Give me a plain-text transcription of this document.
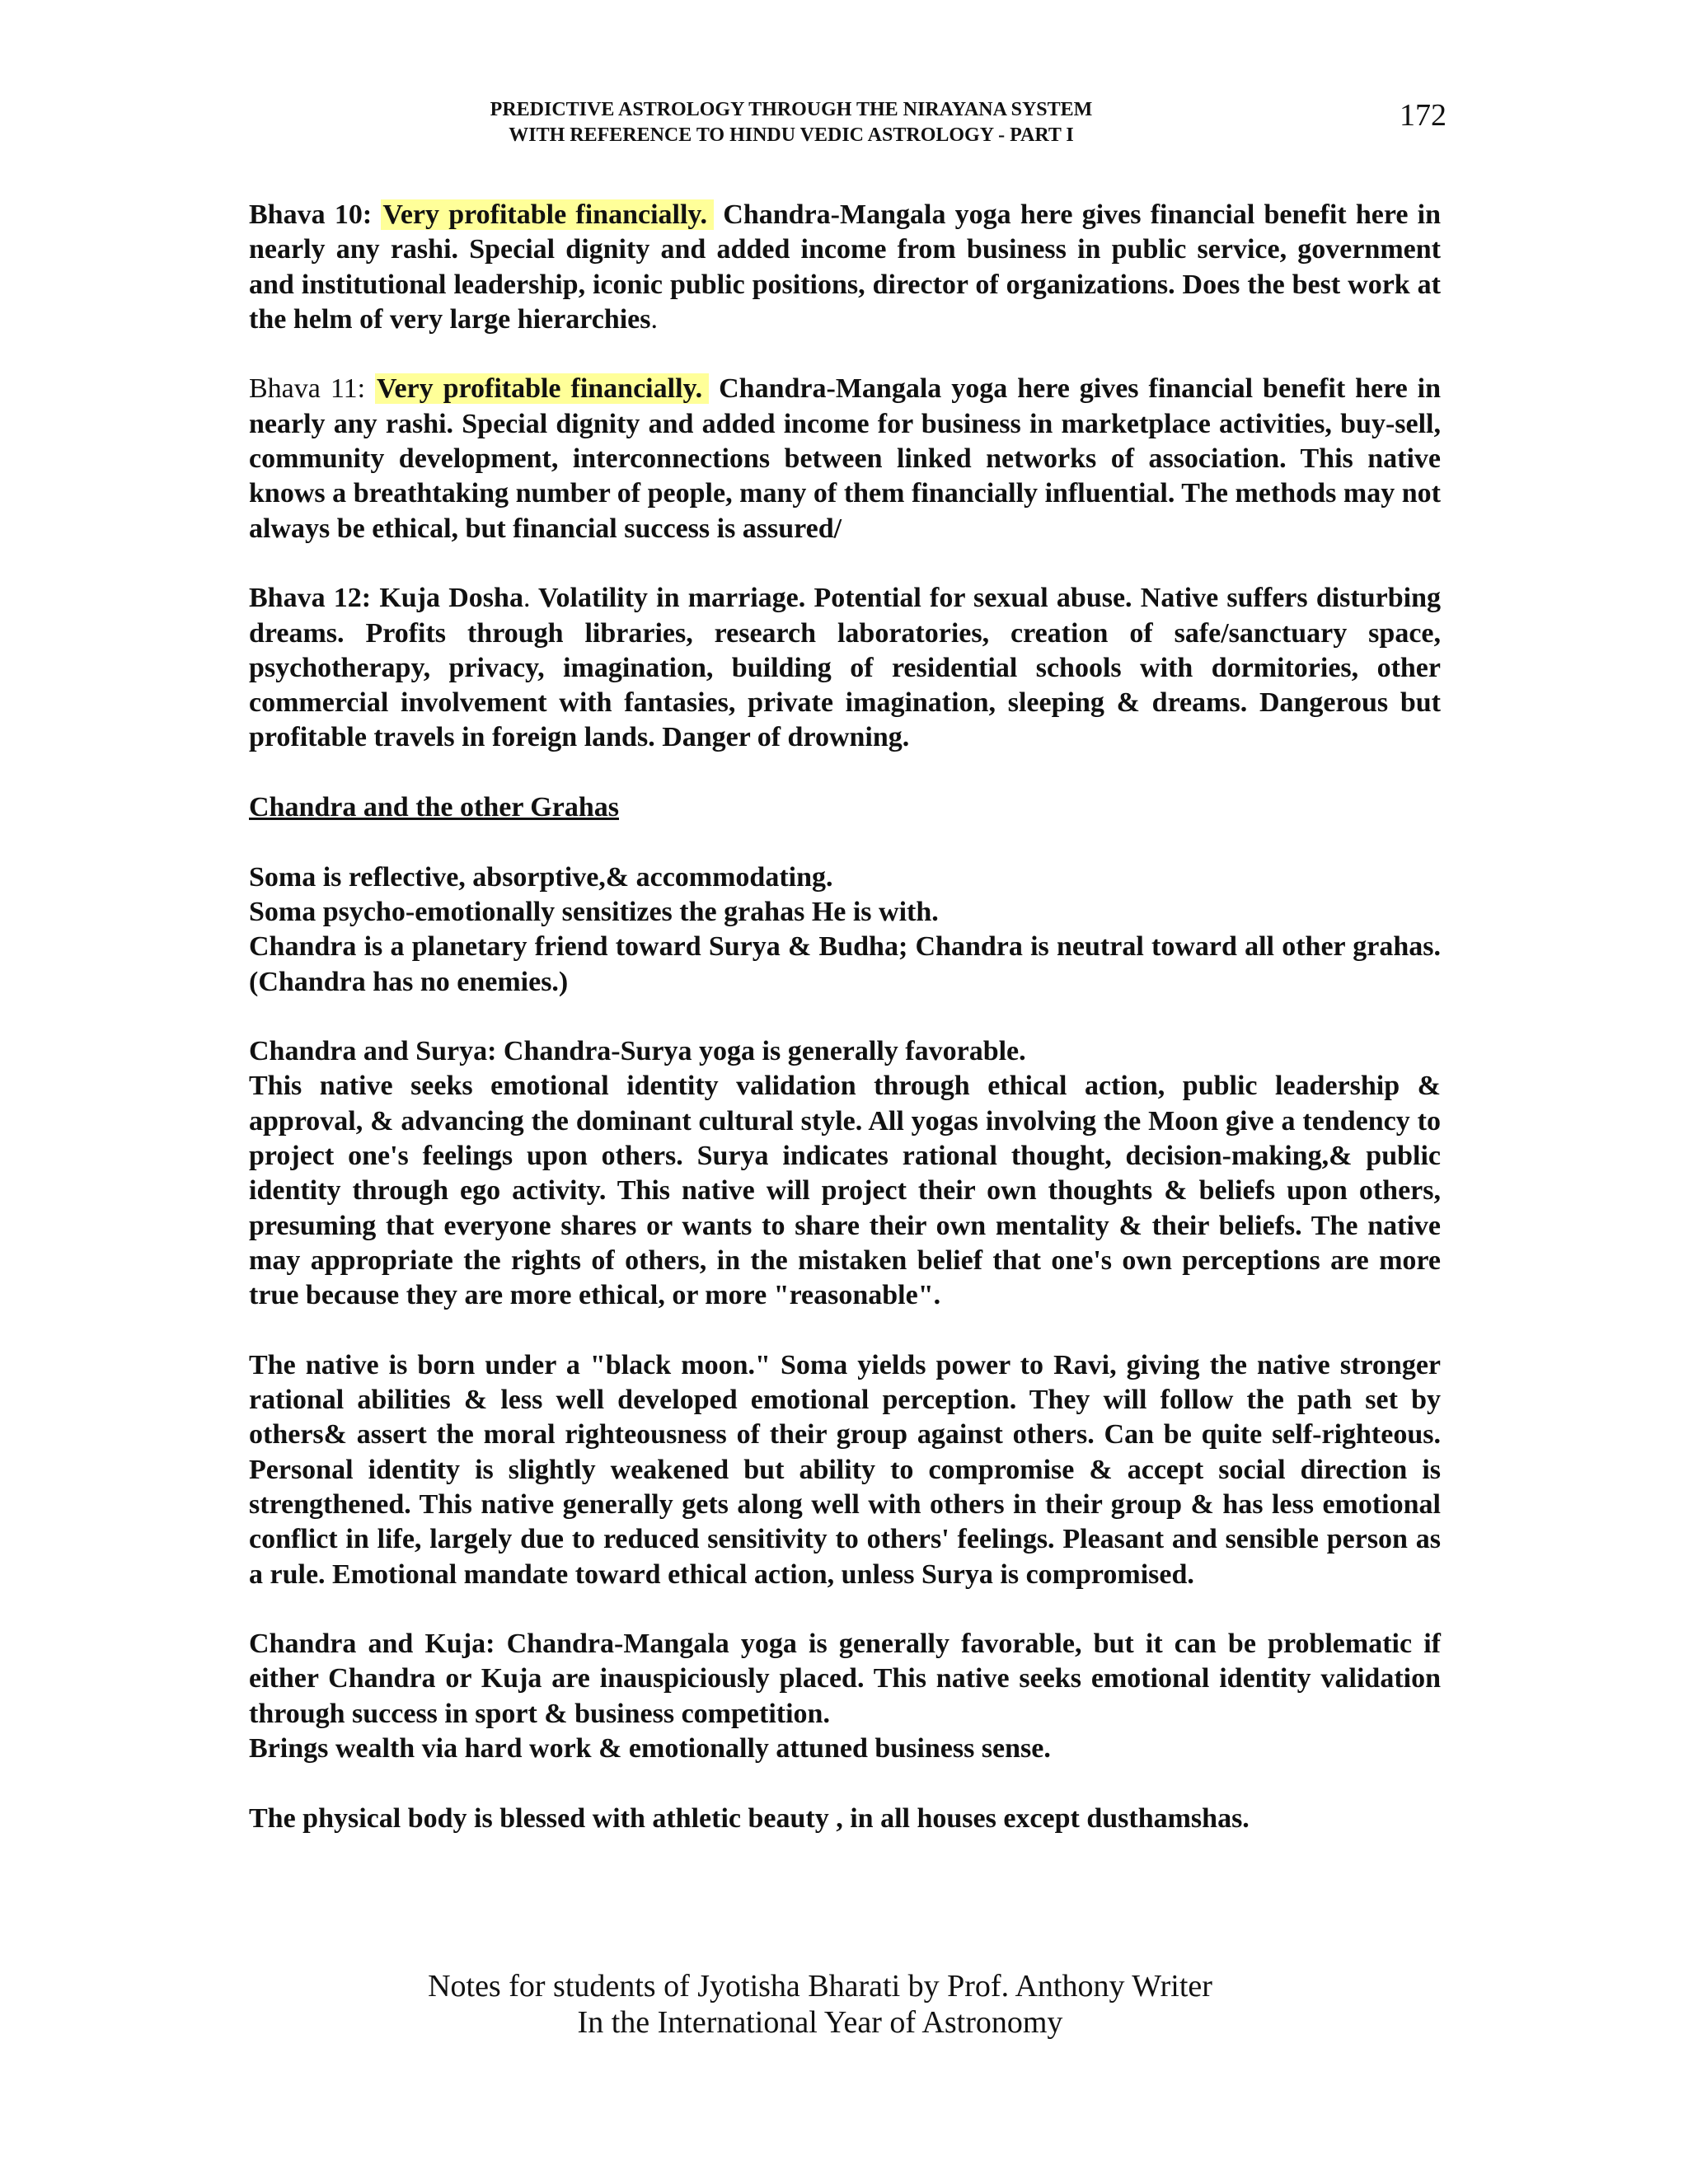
PREDICTIVE ASTROLOGY THROUGH THE NIRAYANA SYSTEM
WITH REFERENCE TO HINDU VEDIC ASTROLOGY - PART I
172

Bhava 10: Very profitable financially. Chandra-Mangala yoga here gives financial benefit here in nearly any rashi. Special dignity and added income from business in public service, government and institutional leadership, iconic public positions, director of organizations. Does the best work at the helm of very large hierarchies.

Bhava 11: Very profitable financially. Chandra-Mangala yoga here gives financial benefit here in nearly any rashi. Special dignity and added income for business in marketplace activities, buy-sell, community development, interconnections between linked networks of association. This native knows a breathtaking number of people, many of them financially influential. The methods may not always be ethical, but financial success is assured/

Bhava 12: Kuja Dosha. Volatility in marriage. Potential for sexual abuse. Native suffers disturbing dreams. Profits through libraries, research laboratories, creation of safe/sanctuary space, psychotherapy, privacy, imagination, building of residential schools with dormitories, other commercial involvement with fantasies, private imagination, sleeping & dreams. Dangerous but profitable travels in foreign lands. Danger of drowning.

Chandra and the other Grahas

Soma is reflective, absorptive,& accommodating.
Soma psycho-emotionally sensitizes the grahas He is with.
Chandra is a planetary friend toward Surya & Budha; Chandra is neutral toward all other grahas. (Chandra has no enemies.)

Chandra and Surya: Chandra-Surya yoga is generally favorable.
This native seeks emotional identity validation through ethical action, public leadership & approval, & advancing the dominant cultural style. All yogas involving the Moon give a tendency to project one's feelings upon others. Surya indicates rational thought, decision-making,& public identity through ego activity. This native will project their own thoughts & beliefs upon others, presuming that everyone shares or wants to share their own mentality & their beliefs. The native may appropriate the rights of others, in the mistaken belief that one's own perceptions are more true because they are more ethical, or more "reasonable".

The native is born under a "black moon." Soma yields power to Ravi, giving the native stronger rational abilities & less well developed emotional perception. They will follow the path set by others& assert the moral righteousness of their group against others. Can be quite self-righteous. Personal identity is slightly weakened but ability to compromise & accept social direction is strengthened. This native generally gets along well with others in their group & has less emotional conflict in life, largely due to reduced sensitivity to others' feelings. Pleasant and sensible person as a rule. Emotional mandate toward ethical action, unless Surya is compromised.

Chandra and Kuja: Chandra-Mangala yoga is generally favorable, but it can be problematic if either Chandra or Kuja are inauspiciously placed. This native seeks emotional identity validation through success in sport & business competition.
Brings wealth via hard work & emotionally attuned business sense.

The physical body is blessed with athletic beauty , in all houses except dusthamshas.

Notes for students of Jyotisha Bharati by Prof. Anthony Writer
In the International Year of Astronomy
